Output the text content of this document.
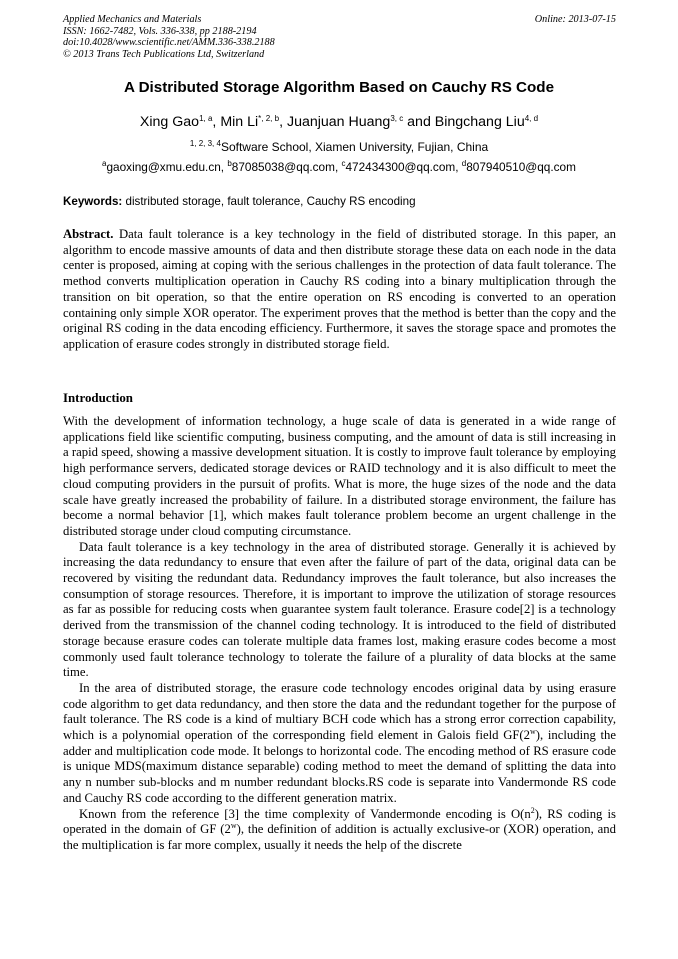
Applied Mechanics and Materials
ISSN: 1662-7482, Vols. 336-338, pp 2188-2194
doi:10.4028/www.scientific.net/AMM.336-338.2188
© 2013 Trans Tech Publications Ltd, Switzerland
Online: 2013-07-15
A Distributed Storage Algorithm Based on Cauchy RS Code
Xing Gao$^{1, a}$, Min $Li^{*, 2, b}$, Juanjuan Huang$^{3, c}$ and Bingchang Liu$^{4, d}$
$^{1, 2, 3, 4}$Software School, Xiamen University, Fujian, China
$^a$gaoxing@xmu.edu.cn, $^b$87085038@qq.com, $^c$472434300@qq.com, $^d$807940510@qq.com
Keywords: distributed storage, fault tolerance, Cauchy RS encoding
Abstract. Data fault tolerance is a key technology in the field of distributed storage. In this paper, an algorithm to encode massive amounts of data and then distribute storage these data on each node in the data center is proposed, aiming at coping with the serious challenges in the protection of data fault tolerance. The method converts multiplication operation in Cauchy RS coding into a binary multiplication through the transition on bit operation, so that the entire operation on RS encoding is converted to an operation containing only simple XOR operator. The experiment proves that the method is better than the copy and the original RS coding in the data encoding efficiency. Furthermore, it saves the storage space and promotes the application of erasure codes strongly in distributed storage field.
Introduction

With the development of information technology, a huge scale of data is generated in a wide range of applications field like scientific computing, business computing, and the amount of data is still increasing in a rapid speed, showing a massive development situation. It is costly to improve fault tolerance by employing high performance servers, dedicated storage devices or RAID technology and it is also difficult to meet the cloud computing providers in the pursuit of profits. What is more, the huge sizes of the node and the data scale have greatly increased the probability of failure. In a distributed storage environment, the failure has become a normal behavior [1], which makes fault tolerance problem become an urgent challenge in the distributed storage under cloud computing circumstance.

Data fault tolerance is a key technology in the area of distributed storage. Generally it is achieved by increasing the data redundancy to ensure that even after the failure of part of the data, original data can be recovered by visiting the redundant data. Redundancy improves the fault tolerance, but also increases the consumption of storage resources. Therefore, it is important to improve the utilization of storage resources as far as possible for reducing costs when guarantee system fault tolerance. Erasure code[2] is a technology derived from the transmission of the channel coding technology. It is introduced to the field of distributed storage because erasure codes can tolerate multiple data frames lost, making erasure codes become a most commonly used fault tolerance technology to tolerate the failure of a plurality of data blocks at the same time.

In the area of distributed storage, the erasure code technology encodes original data by using erasure code algorithm to get data redundancy, and then store the data and the redundant together for the purpose of fault tolerance. The RS code is a kind of multiary BCH code which has a strong error correction capability, which is a polynomial operation of the corresponding field element in Galois field GF(2$^w$), including the adder and multiplication code mode. It belongs to horizontal code. The encoding method of RS erasure code is unique MDS(maximum distance separable) coding method to meet the demand of splitting the data into any n number sub-blocks and m number redundant blocks.RS code is separate into Vandermonde RS code and Cauchy RS code according to the different generation matrix.

Known from the reference [3] the time complexity of Vandermonde encoding is $O(n^2)$, RS coding is operated in the domain of GF (2$^w$), the definition of addition is actually exclusive-or (XOR) operation, and the multiplication is far more complex, usually it needs the help of the discrete
